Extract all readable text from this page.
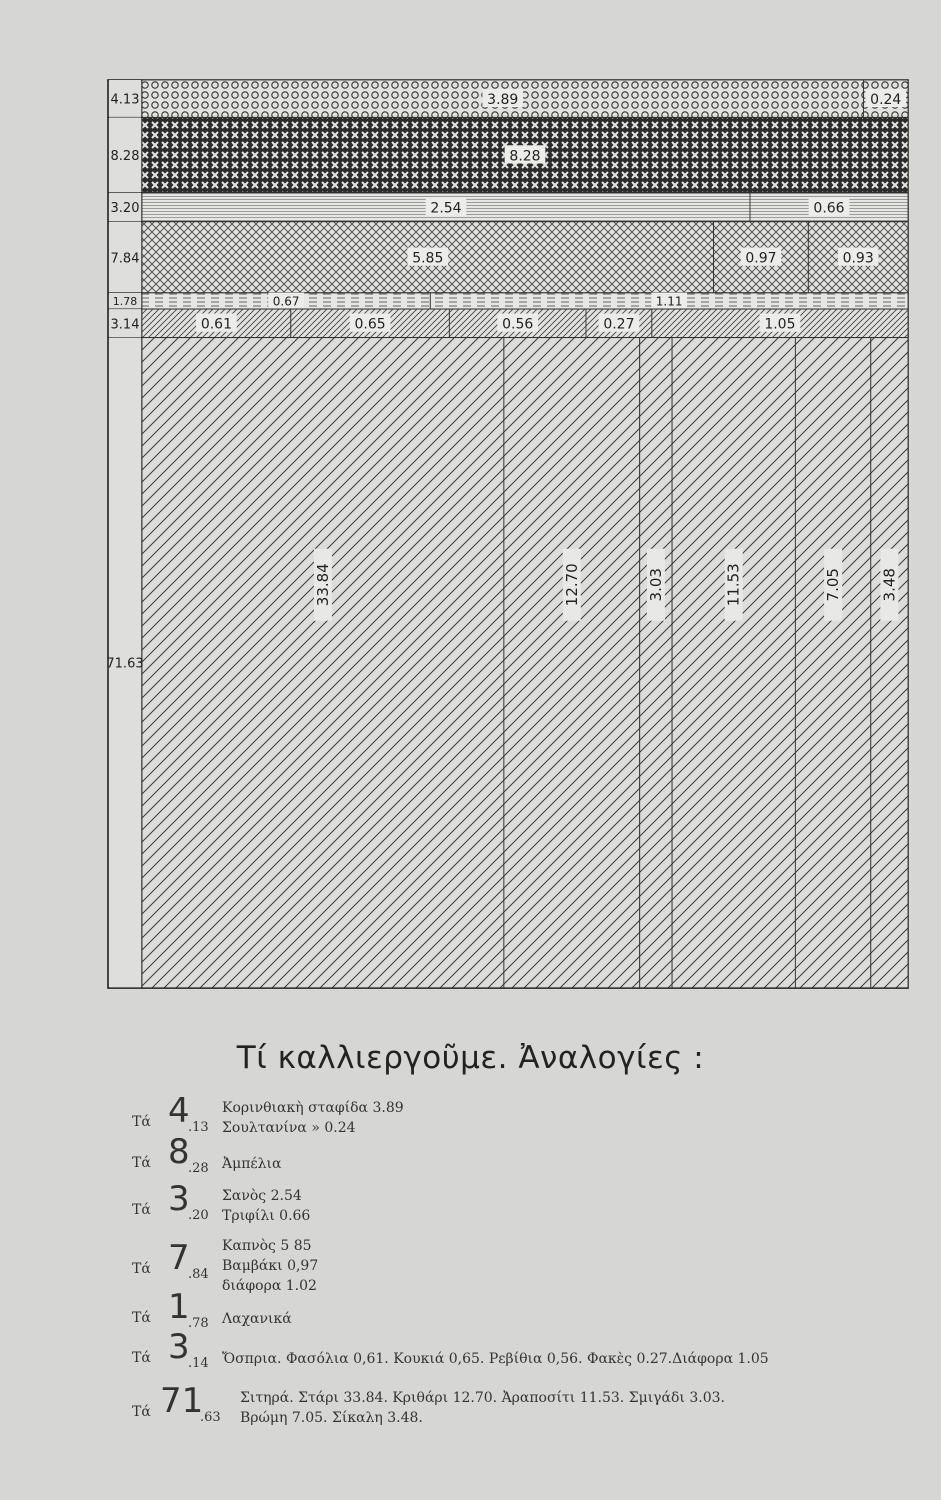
3.89	0.24
4.13
8.28
8.28
2.54	0.66
3.20
5.85	0.97	0.93
7.84
0.67	1.11
1.78
0.61	0.65	0.56	0.27	1.05
3.14
33.84	12.70	3.03	11.53	7.05	3.48
71.63
Τί καλλιεργοῦμε. Ἀναλογίες :
Τά 4
.13
Κορινθιακὴ σταφίδα 3.89
Σουλτανίνα » 0.24
Τά 8
.28 Ἀμπέλια
Τά 3
.20
Σανὸς 2.54
Τριφίλι 0.66
Τά 7
.84
Καπνὸς 5 85
Βαμβάκι 0,97
διάφορα 1.02
Τά 1
.78 Λαχανικά
Τά 3
.14 Ὄσπρια. Φασόλια 0,61. Κουκιά 0,65. Ρεβίθια 0,56. Φακὲς 0.27.Διάφορα 1.05
Τά 71
.63
Σιτηρά. Στάρι 33.84. Κριθάρι 12.70. Ἀραποσίτι 11.53. Σμιγάδι 3.03.
Βρώμη 7.05. Σίκαλη 3.48.
